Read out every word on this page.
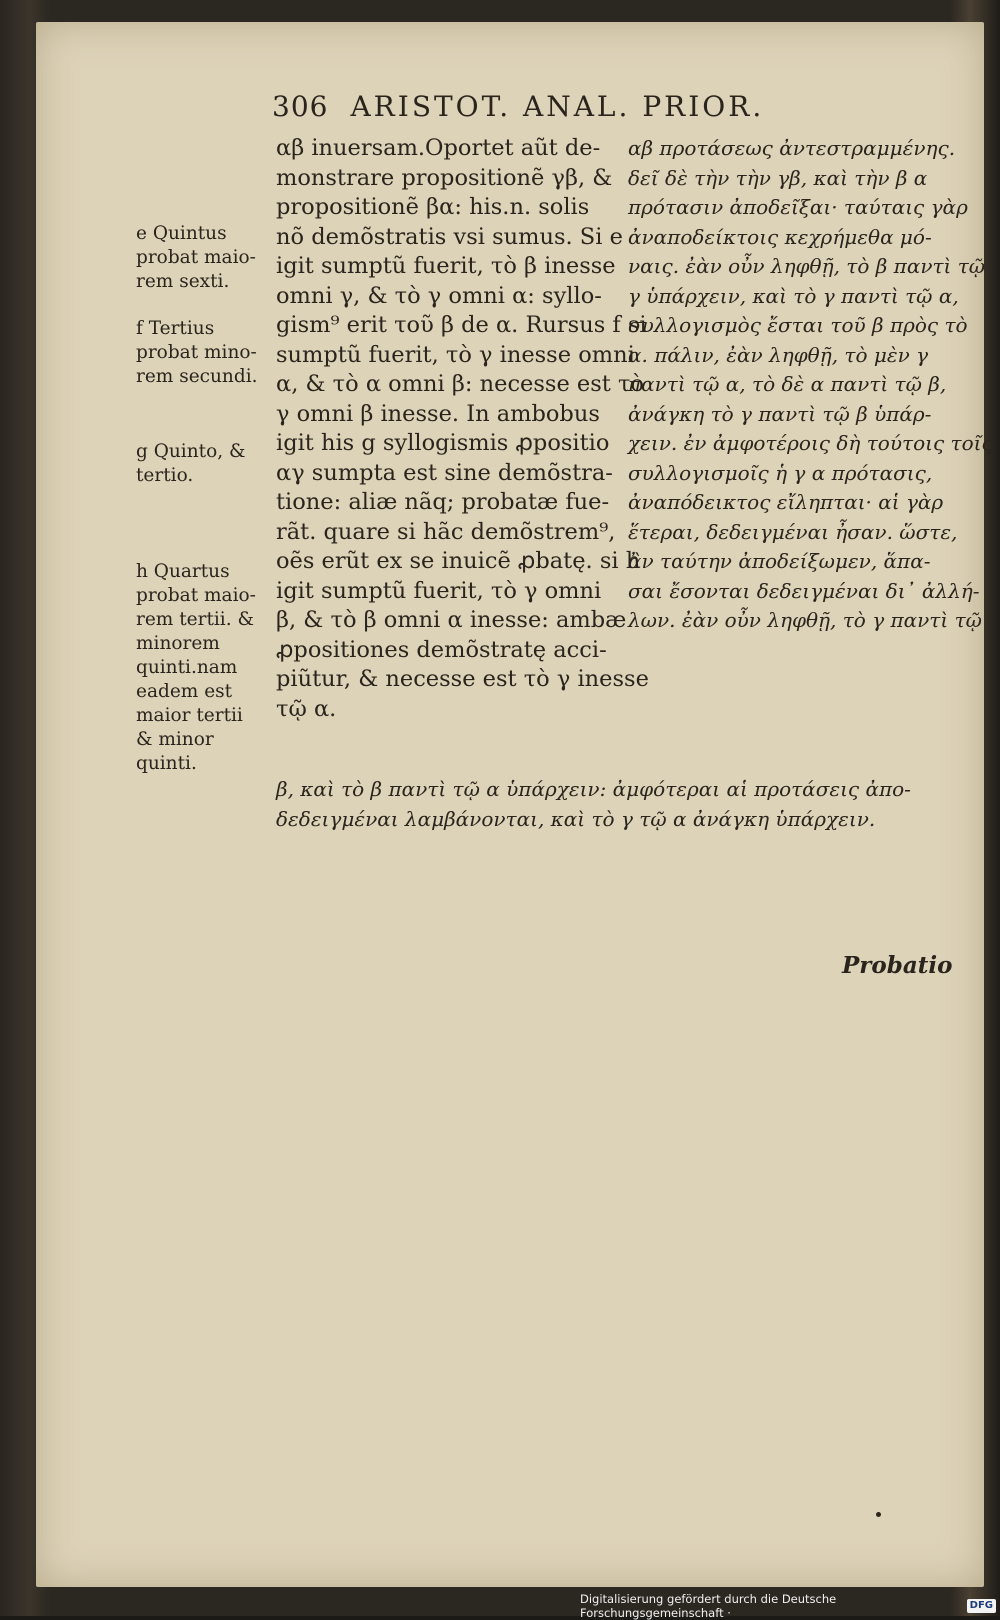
306 ARISTOT. ANAL. PRIOR.
αβ inuersam.Oportet aũt de-
monstrare propositionẽ γβ, &
propositionẽ βα: his.n. solis
nõ demõstratis vsi sumus. Si e
igit sumptũ fuerit, τὸ β inesse
omni γ, & τὸ γ omni α: syllo-
gism⁹ erit τοῦ β de α. Rursus f si
sumptũ fuerit, τὸ γ inesse omni
α, & τὸ α omni β: necesse est τὸ
γ omni β inesse. In ambobus
igit his g syllogismis ꝓpositio
αγ sumpta est sine demõstra-
tione: aliæ nãq; probatæ fue-
rãt. quare si hãc demõstrem⁹,
oẽs erũt ex se inuicẽ ꝓbatę. si h
igit sumptũ fuerit, τὸ γ omni
β, & τὸ β omni α inesse: ambæ
ꝓpositiones demõstratę acci-
piũtur, & necesse est τὸ γ inesse
τῷ α.
αβ προτάσεως ἀντεστραμμένης.
δεῖ δὲ τὴν τὴν γβ, καὶ τὴν β α
πρότασιν ἀποδεῖξαι· ταύταις γὰρ
ἀναποδείκτοις κεχρήμεθα μό-
ναις. ἐὰν οὖν ληφθῇ, τὸ β παντὶ τῷ
γ ὑπάρχειν, καὶ τὸ γ παντὶ τῷ α,
συλλογισμὸς ἔσται τοῦ β πρὸς τὸ
α. πάλιν, ἐὰν ληφθῇ, τὸ μὲν γ
παντὶ τῷ α, τὸ δὲ α παντὶ τῷ β,
ἀνάγκη τὸ γ παντὶ τῷ β ὑπάρ-
χειν. ἐν ἀμφοτέροις δὴ τούτοις τοῖς
συλλογισμοῖς ἡ γ α πρότασις,
ἀναπόδεικτος εἴληπται· αἱ γὰρ
ἕτεραι, δεδειγμέναι ἦσαν. ὥστε,
ἂν ταύτην ἀποδείξωμεν, ἅπα-
σαι ἔσονται δεδειγμέναι δι᾿ ἀλλή-
λων. ἐὰν οὖν ληφθῇ, τὸ γ παντὶ τῷ
β, καὶ τὸ β παντὶ τῷ α ὑπάρχειν: ἀμφότεραι αἱ προτάσεις ἀπο-
δεδειγμέναι λαμβάνονται, καὶ τὸ γ τῷ α ἀνάγκη ὑπάρχειν.
e Quintus
probat maio-
rem sexti.
f Tertius
probat mino-
rem secundi.
g Quinto, &
tertio.
h Quartus
probat maio-
rem tertii. &
minorem
quinti.nam
eadem est
maior tertii
& minor
quinti.
Probatio
Digitalisierung gefördert durch die Deutsche Forschungsgemeinschaft ·
DFG
